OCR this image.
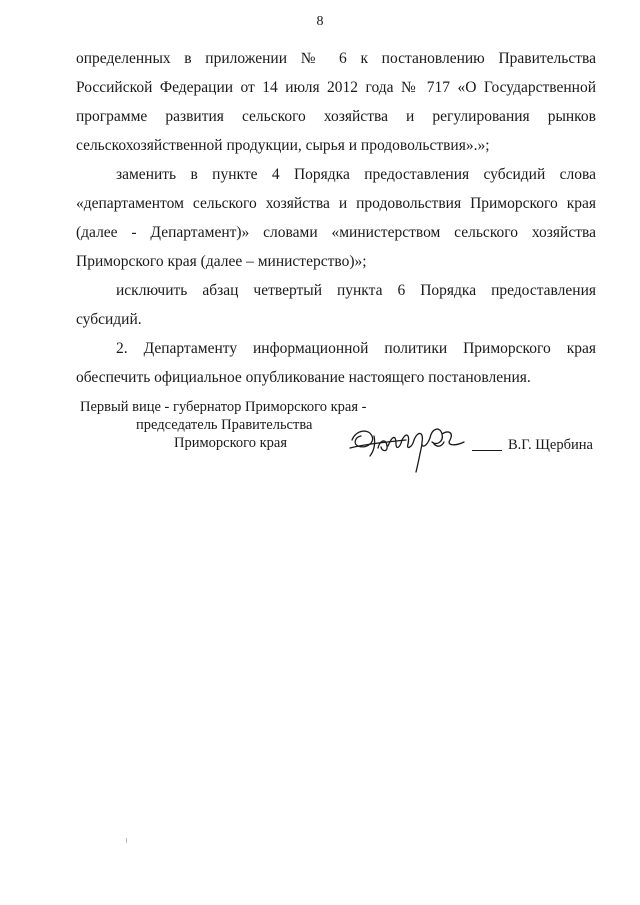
8

определенных в приложении № 6 к постановлению Правительства Российской Федерации от 14 июля 2012 года № 717 «О Государственной программе развития сельского хозяйства и регулирования рынков сельскохозяйственной продукции, сырья и продовольствия».»;

заменить в пункте 4 Порядка предоставления субсидий слова «департаментом сельского хозяйства и продовольствия Приморского края (далее - Департамент)» словами «министерством сельского хозяйства Приморского края (далее – министерство)»;

исключить абзац четвертый пункта 6 Порядка предоставления субсидий.

2. Департаменту информационной политики Приморского края обеспечить официальное опубликование настоящего постановления.

Первый вице - губернатор Приморского края -
председатель Правительства
Приморского края	В.Г. Щербина
